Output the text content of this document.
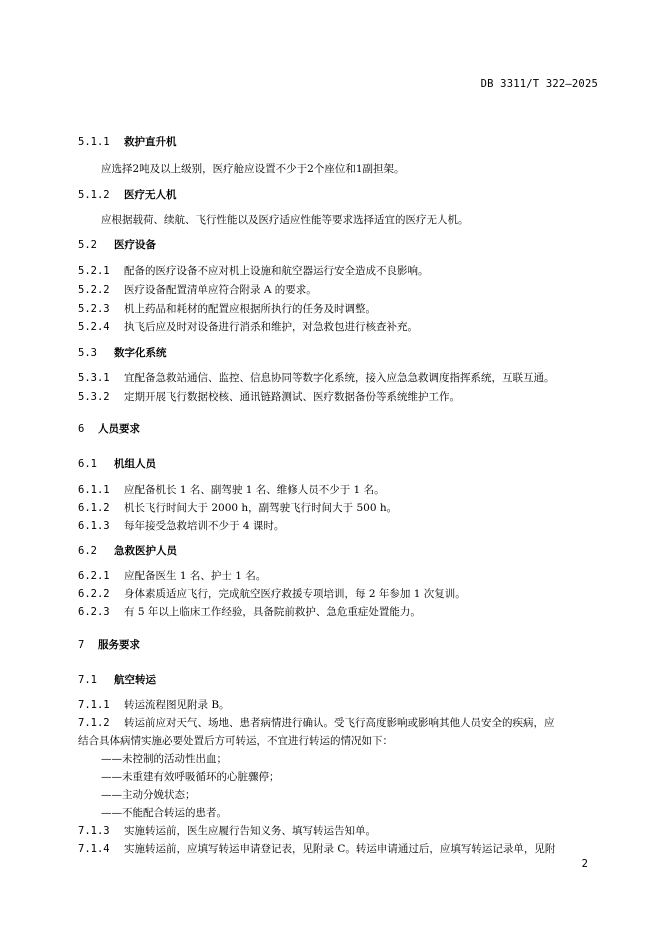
DB 3311/T 322—2025
5.1.1 救护直升机
应选择2吨及以上级别，医疗舱应设置不少于2个座位和1副担架。
5.1.2 医疗无人机
应根据载荷、续航、飞行性能以及医疗适应性能等要求选择适宜的医疗无人机。
5.2 医疗设备
5.2.1 配备的医疗设备不应对机上设施和航空器运行安全造成不良影响。
5.2.2 医疗设备配置清单应符合附录 A 的要求。
5.2.3 机上药品和耗材的配置应根据所执行的任务及时调整。
5.2.4 执飞后应及时对设备进行消杀和维护，对急救包进行核查补充。
5.3 数字化系统
5.3.1 宜配备急救站通信、监控、信息协同等数字化系统，接入应急急救调度指挥系统，互联互通。
5.3.2 定期开展飞行数据校核、通讯链路测试、医疗数据备份等系统维护工作。
6 人员要求
6.1 机组人员
6.1.1 应配备机长 1 名、副驾驶 1 名、维修人员不少于 1 名。
6.1.2 机长飞行时间大于 2000 h，副驾驶飞行时间大于 500 h。
6.1.3 每年接受急救培训不少于 4 课时。
6.2 急救医护人员
6.2.1 应配备医生 1 名、护士 1 名。
6.2.2 身体素质适应飞行，完成航空医疗救援专项培训，每 2 年参加 1 次复训。
6.2.3 有 5 年以上临床工作经验，具备院前救护、急危重症处置能力。
7 服务要求
7.1 航空转运
7.1.1 转运流程图见附录 B。
7.1.2 转运前应对天气、场地、患者病情进行确认。受飞行高度影响或影响其他人员安全的疾病，应
结合具体病情实施必要处置后方可转运，不宜进行转运的情况如下：
——未控制的活动性出血；
——未重建有效呼吸循环的心脏骤停；
——主动分娩状态；
——不能配合转运的患者。
7.1.3 实施转运前，医生应履行告知义务、填写转运告知单。
7.1.4 实施转运前，应填写转运申请登记表，见附录 C。转运申请通过后，应填写转运记录单，见附
2
